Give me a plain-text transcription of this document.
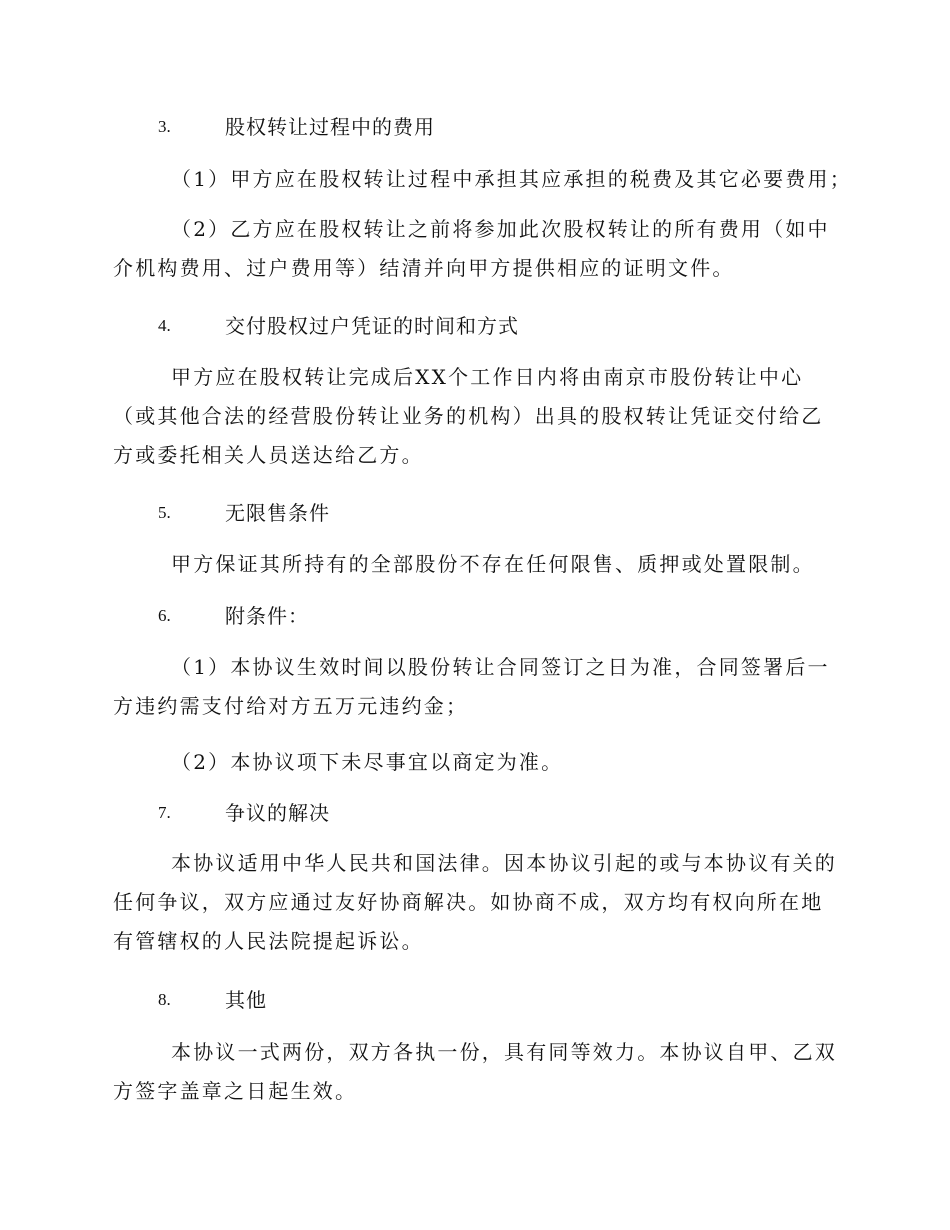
3.	股权转让过程中的费用

（1）甲方应在股权转让过程中承担其应承担的税费及其它必要费用；

（2）乙方应在股权转让之前将参加此次股权转让的所有费用（如中介机构费用、过户费用等）结清并向甲方提供相应的证明文件。

4.	交付股权过户凭证的时间和方式

甲方应在股权转让完成后XX个工作日内将由南京市股份转让中心（或其他合法的经营股份转让业务的机构）出具的股权转让凭证交付给乙方或委托相关人员送达给乙方。

5.	无限售条件

甲方保证其所持有的全部股份不存在任何限售、质押或处置限制。

6.	附条件：

（1）本协议生效时间以股份转让合同签订之日为准，合同签署后一方违约需支付给对方五万元违约金；

（2）本协议项下未尽事宜以商定为准。

7.	争议的解决

本协议适用中华人民共和国法律。因本协议引起的或与本协议有关的任何争议，双方应通过友好协商解决。如协商不成，双方均有权向所在地有管辖权的人民法院提起诉讼。

8.	其他

本协议一式两份，双方各执一份，具有同等效力。本协议自甲、乙双方签字盖章之日起生效。
